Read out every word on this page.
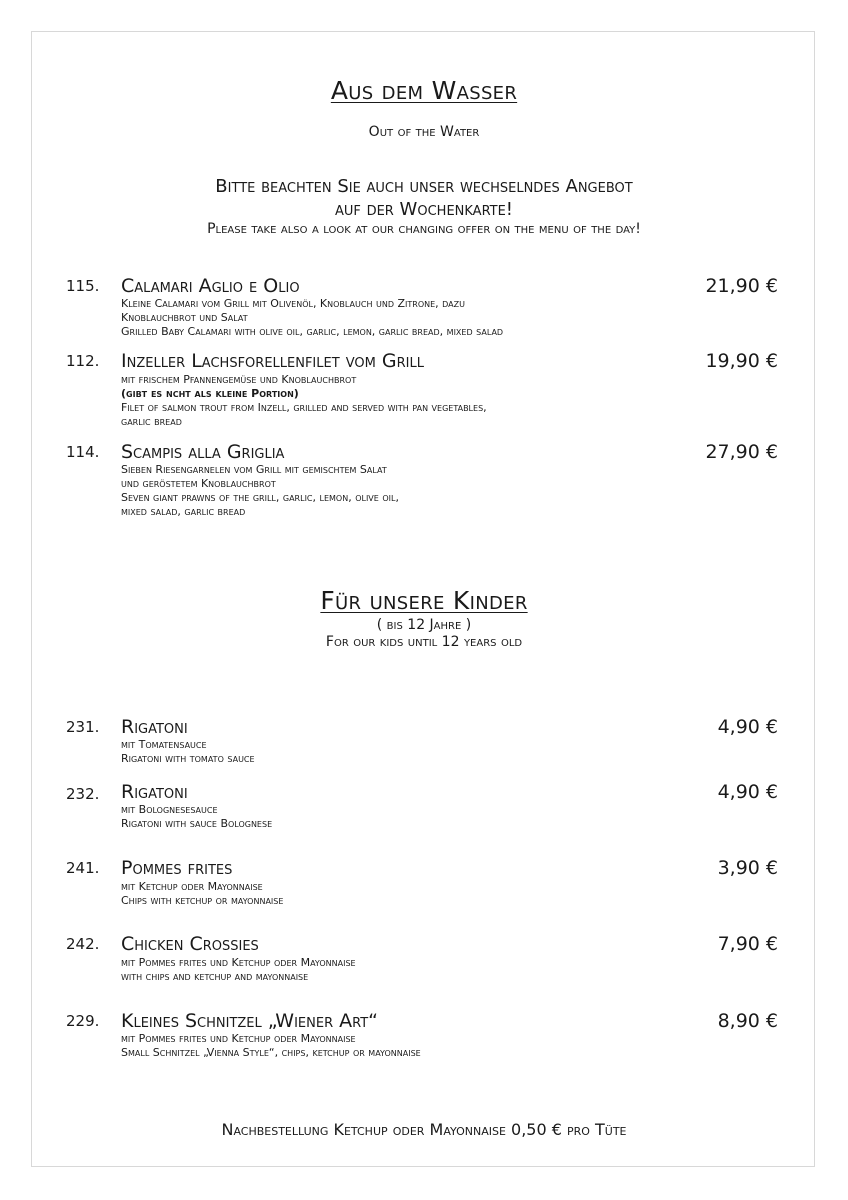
Aus dem Wasser
Out of the Water
Bitte beachten Sie auch unser wechselndes Angebot
auf der Wochenkarte!
Please take also a look at our changing offer on the menu of the day!
115. Calamari Aglio e Olio	21,90 €
Kleine Calamari vom Grill mit Olivenöl, Knoblauch und Zitrone, dazu
Knoblauchbrot und Salat
Grilled Baby Calamari with olive oil, garlic, lemon, garlic bread, mixed salad
112. Inzeller Lachsforellenfilet vom Grill	19,90 €
mit frischem Pfannengemüse und Knoblauchbrot
(gibt es ncht als kleine Portion)
Filet of salmon trout from Inzell, grilled and served with pan vegetables,
garlic bread
114. Scampis alla Griglia	27,90 €
Sieben Riesengarnelen vom Grill mit gemischtem Salat
und geröstetem Knoblauchbrot
Seven giant prawns of the grill, garlic, lemon, olive oil,
mixed salad, garlic bread
Für unsere Kinder
( bis 12 Jahre )
For our kids until 12 years old
231. Rigatoni	4,90 €
mit Tomatensauce
Rigatoni with tomato sauce
232. Rigatoni	4,90 €
mit Bolognesesauce
Rigatoni with sauce Bolognese
241. Pommes frites	3,90 €
mit Ketchup oder Mayonnaise
Chips with ketchup or mayonnaise
242. Chicken Crossies	7,90 €
mit Pommes frites und Ketchup oder Mayonnaise
with chips and ketchup and mayonnaise
229. Kleines Schnitzel „Wiener Art“	8,90 €
mit Pommes frites und Ketchup oder Mayonnaise
Small Schnitzel „Vienna Style“, chips, ketchup or mayonnaise
Nachbestellung Ketchup oder Mayonnaise 0,50 € pro Tüte
